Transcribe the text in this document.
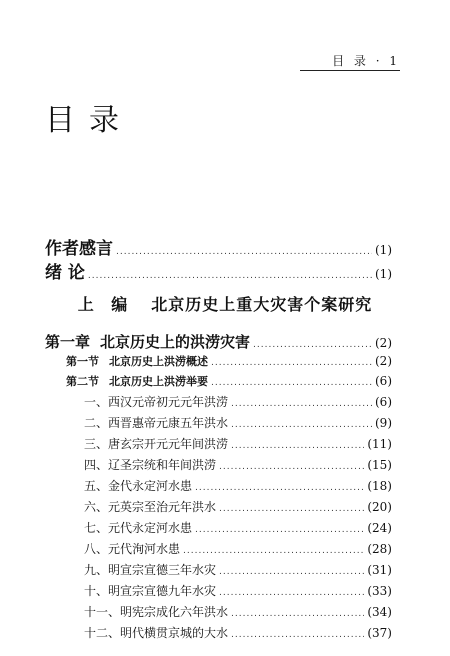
目 录 · 1
目录
作者感言 .....	(1)
绪 论 .....	(1)
上 编 北京历史上重大灾害个案研究
第一章 北京历史上的洪涝灾害 .....	(2)
第一节 北京历史上洪涝概述 .....	(2)
第二节 北京历史上洪涝举要 .....	(6)
一、西汉元帝初元元年洪涝 .....	(6)
二、西晋惠帝元康五年洪水 .....	(9)
三、唐玄宗开元元年间洪涝 .....	(11)
四、辽圣宗统和年间洪涝 .....	(15)
五、金代永定河水患 .....	(18)
六、元英宗至治元年洪水 .....	(20)
七、元代永定河水患 .....	(24)
八、元代洵河水患 .....	(28)
九、明宣宗宣德三年水灾 .....	(31)
十、明宣宗宣德九年水灾 .....	(33)
十一、明宪宗成化六年洪水 .....	(34)
十二、明代横贯京城的大水 .....	(37)
